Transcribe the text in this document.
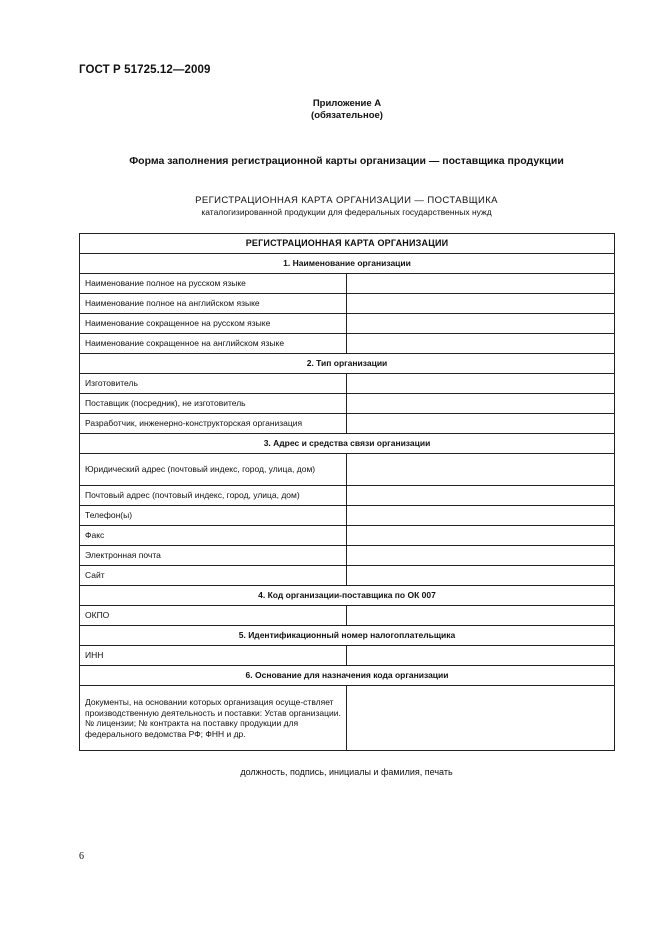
ГОСТ Р 51725.12—2009
Приложение А
(обязательное)
Форма заполнения регистрационной карты организации — поставщика продукции
РЕГИСТРАЦИОННАЯ КАРТА ОРГАНИЗАЦИИ — ПОСТАВЩИКА
каталогизированной продукции для федеральных государственных нужд
РЕГИСТРАЦИОННАЯ КАРТА ОРГАНИЗАЦИИ	
1. Наименование организации	
Наименование полное на русском языке	
Наименование полное на английском языке	
Наименование сокращенное на русском языке	
Наименование сокращенное на английском языке	
2. Тип организации	
Изготовитель	
Поставщик (посредник), не изготовитель	
Разработчик, инженерно-конструкторская организация	
3. Адрес и средства связи организации	
Юридический адрес (почтовый индекс, город, улица, дом)	
Почтовый адрес (почтовый индекс, город, улица, дом)	
Телефон(ы)	
Факс	
Электронная почта	
Сайт	
4. Код организации-поставщика по ОК 007	
ОКПО	
5. Идентификационный номер налогоплательщика	
ИНН	
6. Основание для назначения кода организации	
Документы, на основании которых организация осуще-ствляет производственную деятельность и поставки: Устав организации. № лицензии; № контракта на поставку продукции для федерального ведомства РФ; ФНН и др.	
должность, подпись, инициалы и фамилия, печать
6
